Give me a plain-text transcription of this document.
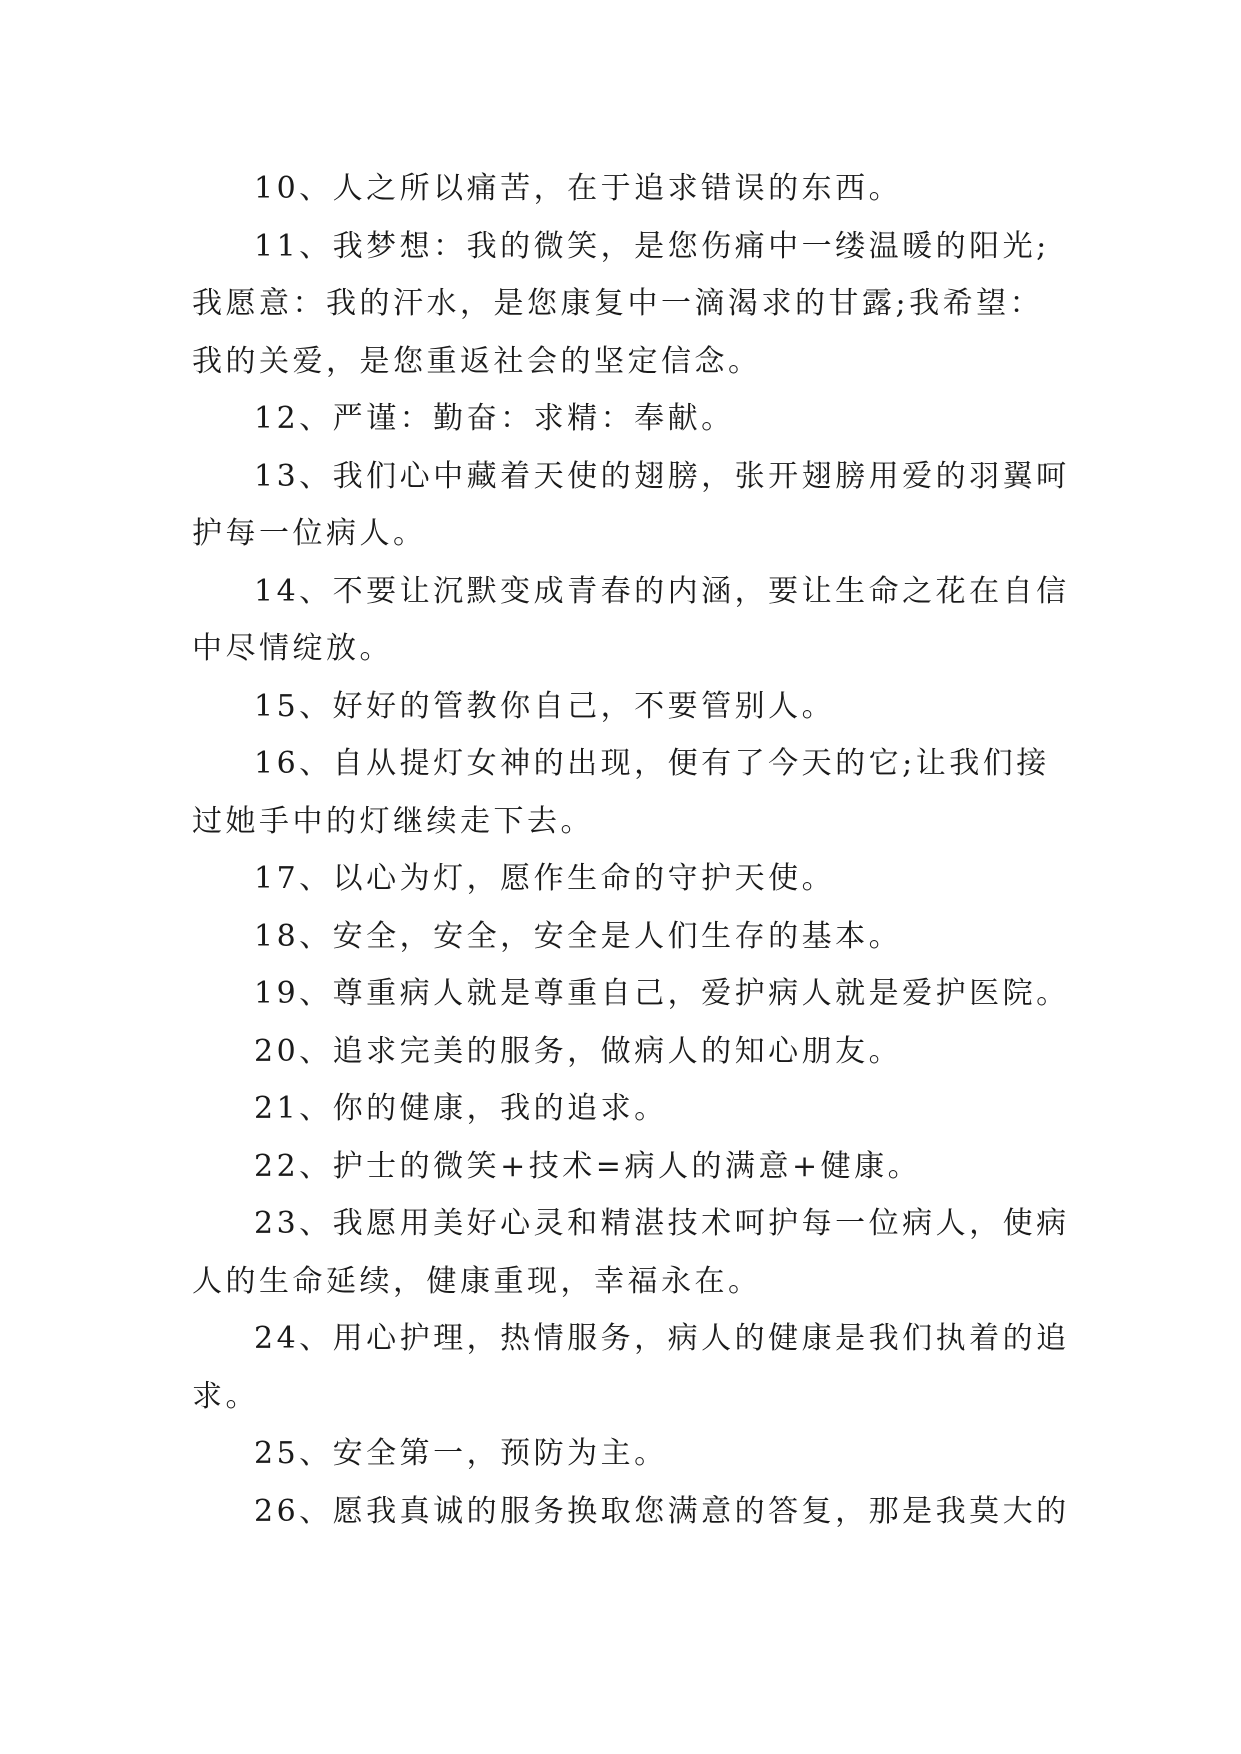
10、人之所以痛苦，在于追求错误的东西。

11、我梦想：我的微笑，是您伤痛中一缕温暖的阳光;我愿意：我的汗水，是您康复中一滴渴求的甘露;我希望：我的关爱，是您重返社会的坚定信念。

12、严谨：勤奋：求精：奉献。

13、我们心中藏着天使的翅膀，张开翅膀用爱的羽翼呵护每一位病人。

14、不要让沉默变成青春的内涵，要让生命之花在自信中尽情绽放。

15、好好的管教你自己，不要管别人。

16、自从提灯女神的出现，便有了今天的它;让我们接过她手中的灯继续走下去。

17、以心为灯，愿作生命的守护天使。

18、安全，安全，安全是人们生存的基本。

19、尊重病人就是尊重自己，爱护病人就是爱护医院。

20、追求完美的服务，做病人的知心朋友。

21、你的健康，我的追求。

22、护士的微笑+技术=病人的满意+健康。

23、我愿用美好心灵和精湛技术呵护每一位病人，使病人的生命延续，健康重现，幸福永在。

24、用心护理，热情服务，病人的健康是我们执着的追求。

25、安全第一，预防为主。

26、愿我真诚的服务换取您满意的答复，那是我莫大的
